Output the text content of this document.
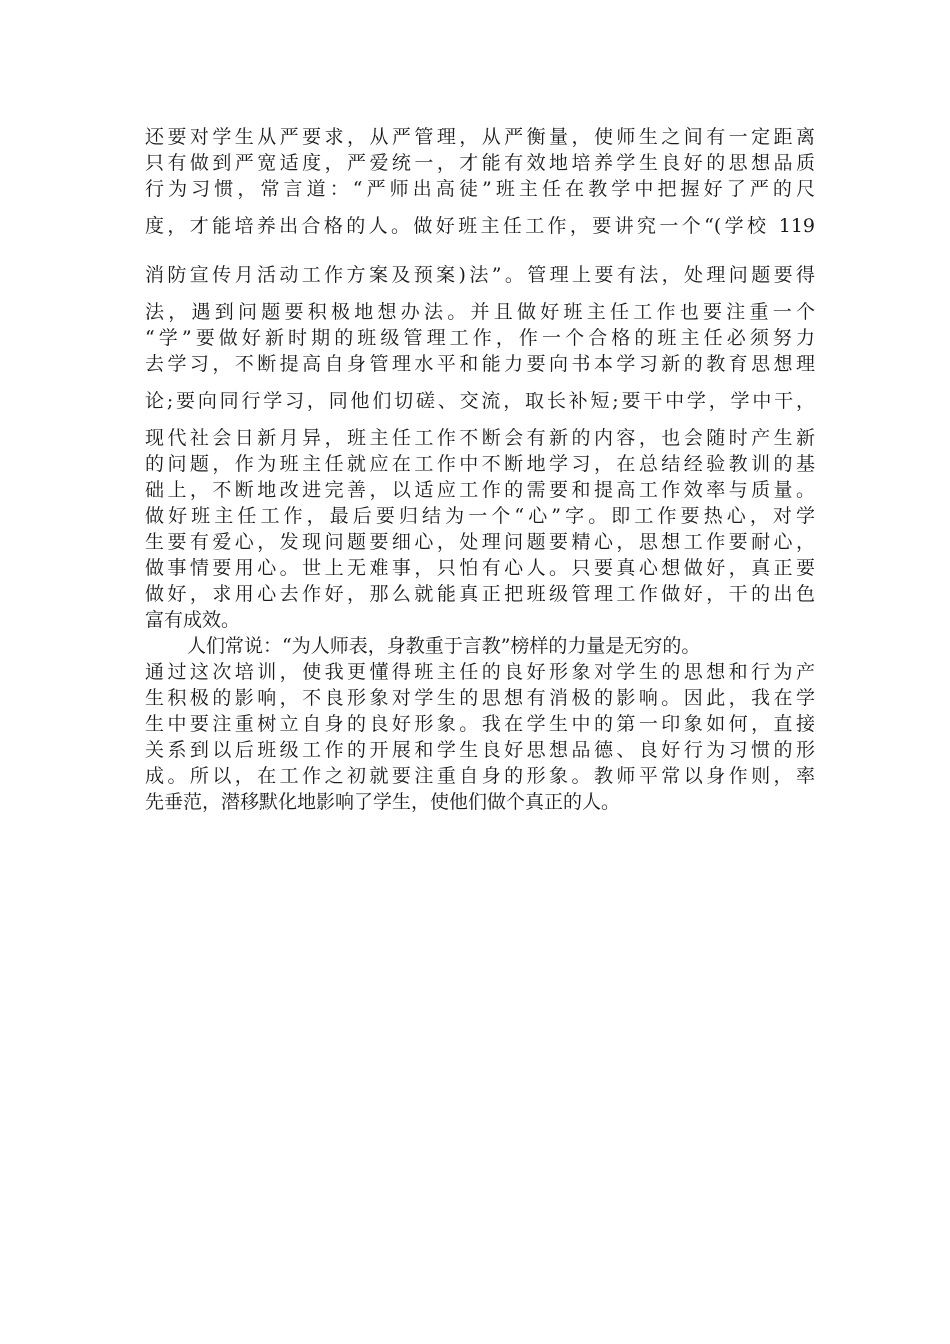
还要对学生从严要求，从严管理，从严衡量，使师生之间有一定距离
只有做到严宽适度，严爱统一，才能有效地培养学生良好的思想品质
行为习惯，常言道：“严师出高徒”班主任在教学中把握好了严的尺
度，才能培养出合格的人。做好班主任工作，要讲究一个“(学校 119
消防宣传月活动工作方案及预案)法”。管理上要有法，处理问题要得
法，遇到问题要积极地想办法。并且做好班主任工作也要注重一个
“学”要做好新时期的班级管理工作，作一个合格的班主任必须努力
去学习，不断提高自身管理水平和能力要向书本学习新的教育思想理
论;要向同行学习，同他们切磋、交流，取长补短;要干中学，学中干，
现代社会日新月异，班主任工作不断会有新的内容，也会随时产生新
的问题，作为班主任就应在工作中不断地学习，在总结经验教训的基
础上，不断地改进完善，以适应工作的需要和提高工作效率与质量。
做好班主任工作，最后要归结为一个“心”字。即工作要热心，对学
生要有爱心，发现问题要细心，处理问题要精心，思想工作要耐心，
做事情要用心。世上无难事，只怕有心人。只要真心想做好，真正要
做好，求用心去作好，那么就能真正把班级管理工作做好，干的出色
富有成效。
人们常说：“为人师表，身教重于言教”榜样的力量是无穷的。
通过这次培训，使我更懂得班主任的良好形象对学生的思想和行为产
生积极的影响，不良形象对学生的思想有消极的影响。因此，我在学
生中要注重树立自身的良好形象。我在学生中的第一印象如何，直接
关系到以后班级工作的开展和学生良好思想品德、良好行为习惯的形
成。所以，在工作之初就要注重自身的形象。教师平常以身作则，率
先垂范，潜移默化地影响了学生，使他们做个真正的人。
